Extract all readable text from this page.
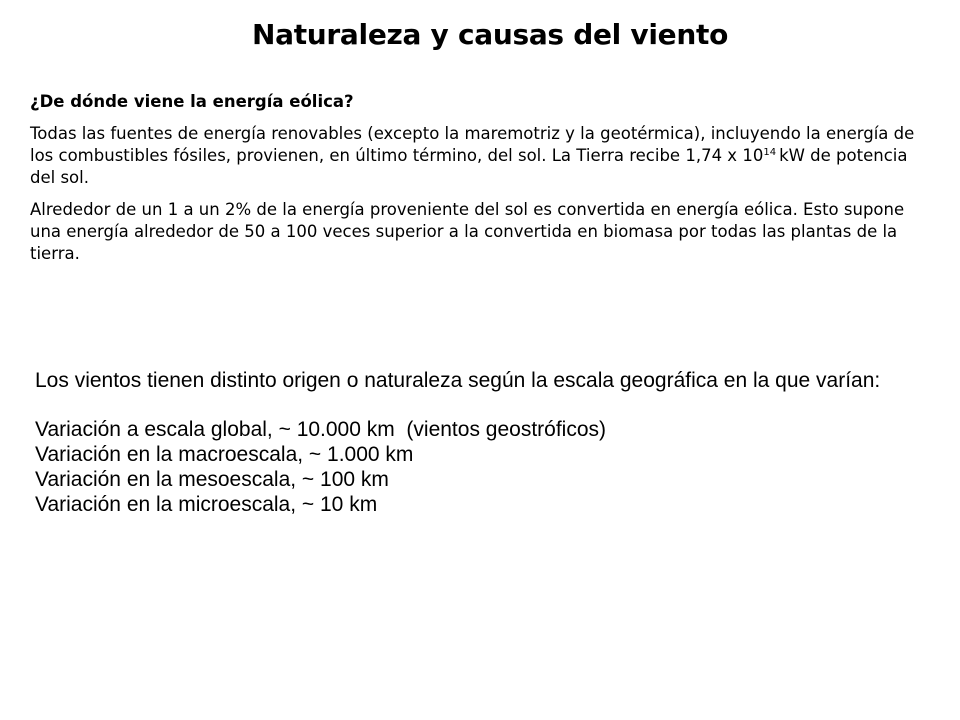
Naturaleza y causas del viento

¿De dónde viene la energía eólica?

Todas las fuentes de energía renovables (excepto la maremotriz y la geotérmica), incluyendo la energía de los combustibles fósiles, provienen, en último término, del sol. La Tierra recibe 1,74 x $10^{14}$ kW de potencia del sol.

Alrededor de un 1 a un 2% de la energía proveniente del sol es convertida en energía eólica. Esto supone una energía alrededor de 50 a 100 veces superior a la convertida en biomasa por todas las plantas de la tierra.

Los vientos tienen distinto origen o naturaleza según la escala geográfica en la que varían:

Variación a escala global, ~ 10.000 km  (vientos geostróficos)
Variación en la macroescala, ~ 1.000 km
Variación en la mesoescala, ~ 100 km
Variación en la microescala, ~ 10 km
